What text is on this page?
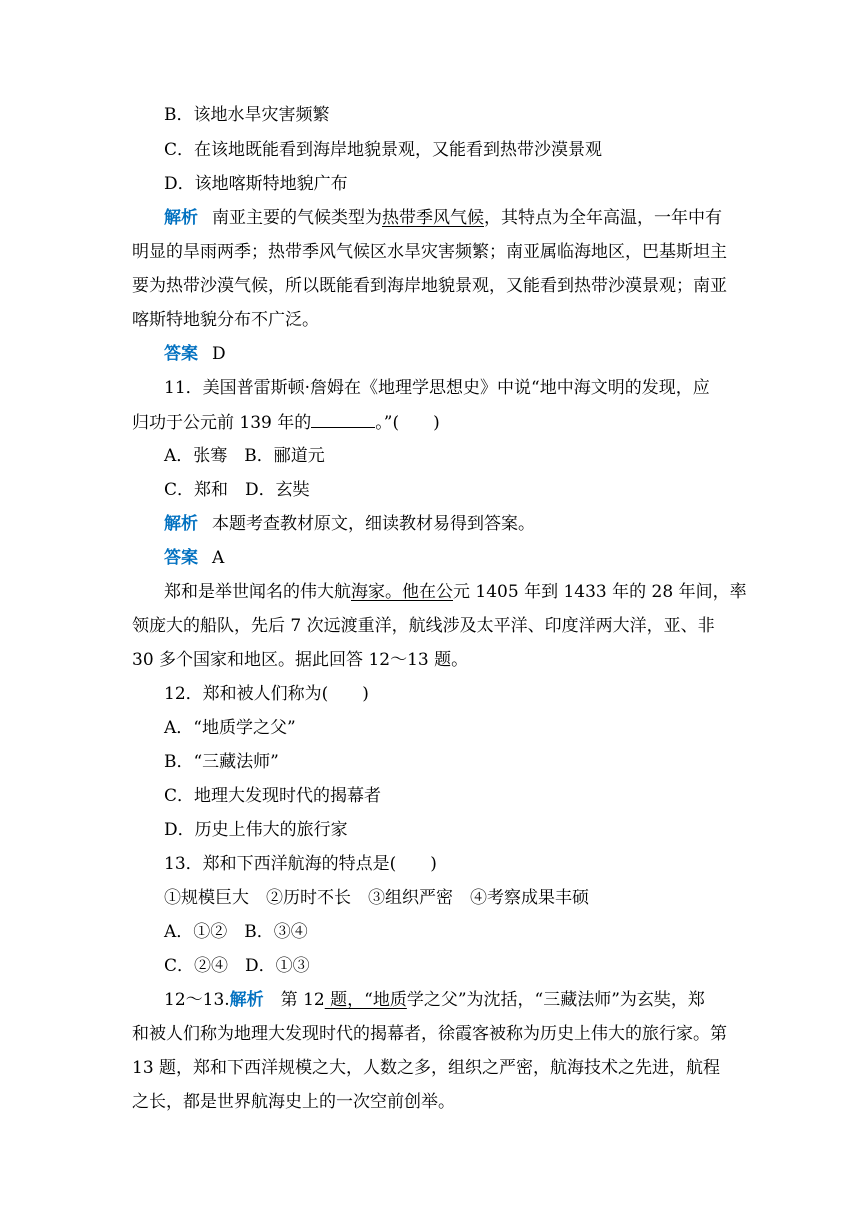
B．该地水旱灾害频繁
C．在该地既能看到海岸地貌景观，又能看到热带沙漠景观
D．该地喀斯特地貌广布
解析 南亚主要的气候类型为热带季风气候，其特点为全年高温，一年中有
明显的旱雨两季；热带季风气候区水旱灾害频繁；南亚属临海地区，巴基斯坦主
要为热带沙漠气候，所以既能看到海岸地貌景观，又能看到热带沙漠景观；南亚
喀斯特地貌分布不广泛。
答案 D
11．美国普雷斯顿·詹姆在《地理学思想史》中说“地中海文明的发现，应
归功于公元前 139 年的	。”(　　)
A．张骞　B．郦道元
C．郑和　D．玄奘
解析 本题考查教材原文，细读教材易得到答案。
答案 A
郑和是举世闻名的伟大航海家。他在公元 1405 年到 1433 年的 28 年间，率
领庞大的船队，先后 7 次远渡重洋，航线涉及太平洋、印度洋两大洋，亚、非
30 多个国家和地区。据此回答 12～13 题。
12．郑和被人们称为(　　)
A．“地质学之父”
B．“三藏法师”
C．地理大发现时代的揭幕者
D．历史上伟大的旅行家
13．郑和下西洋航海的特点是(　　)
①规模巨大　②历时不长　③组织严密　④考察成果丰硕
A．①②　B．③④
C．②④　D．①③
12～13.解析　第 12 题，“地质学之父”为沈括，“三藏法师”为玄奘，郑
和被人们称为地理大发现时代的揭幕者，徐霞客被称为历史上伟大的旅行家。第
13 题，郑和下西洋规模之大，人数之多，组织之严密，航海技术之先进，航程
之长，都是世界航海史上的一次空前创举。
